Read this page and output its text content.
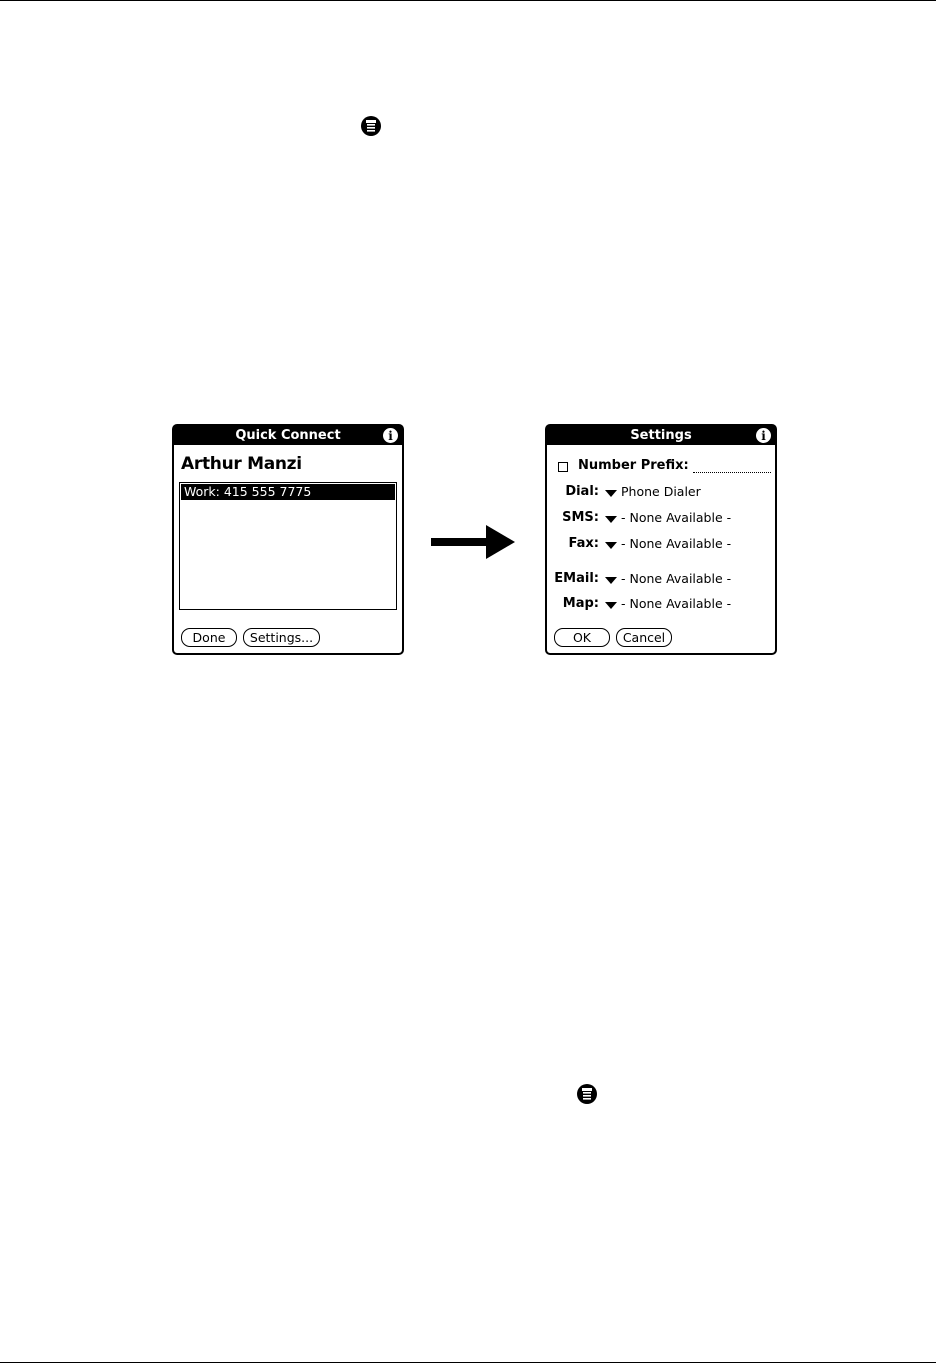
Quick Connect
i
Arthur Manzi
Work: 415 555 7775
Done	Settings...
Settings
i
Number Prefix:
Dial: Phone Dialer
SMS: - None Available -
Fax: - None Available -
EMail: - None Available -
Map: - None Available -
OK	Cancel
